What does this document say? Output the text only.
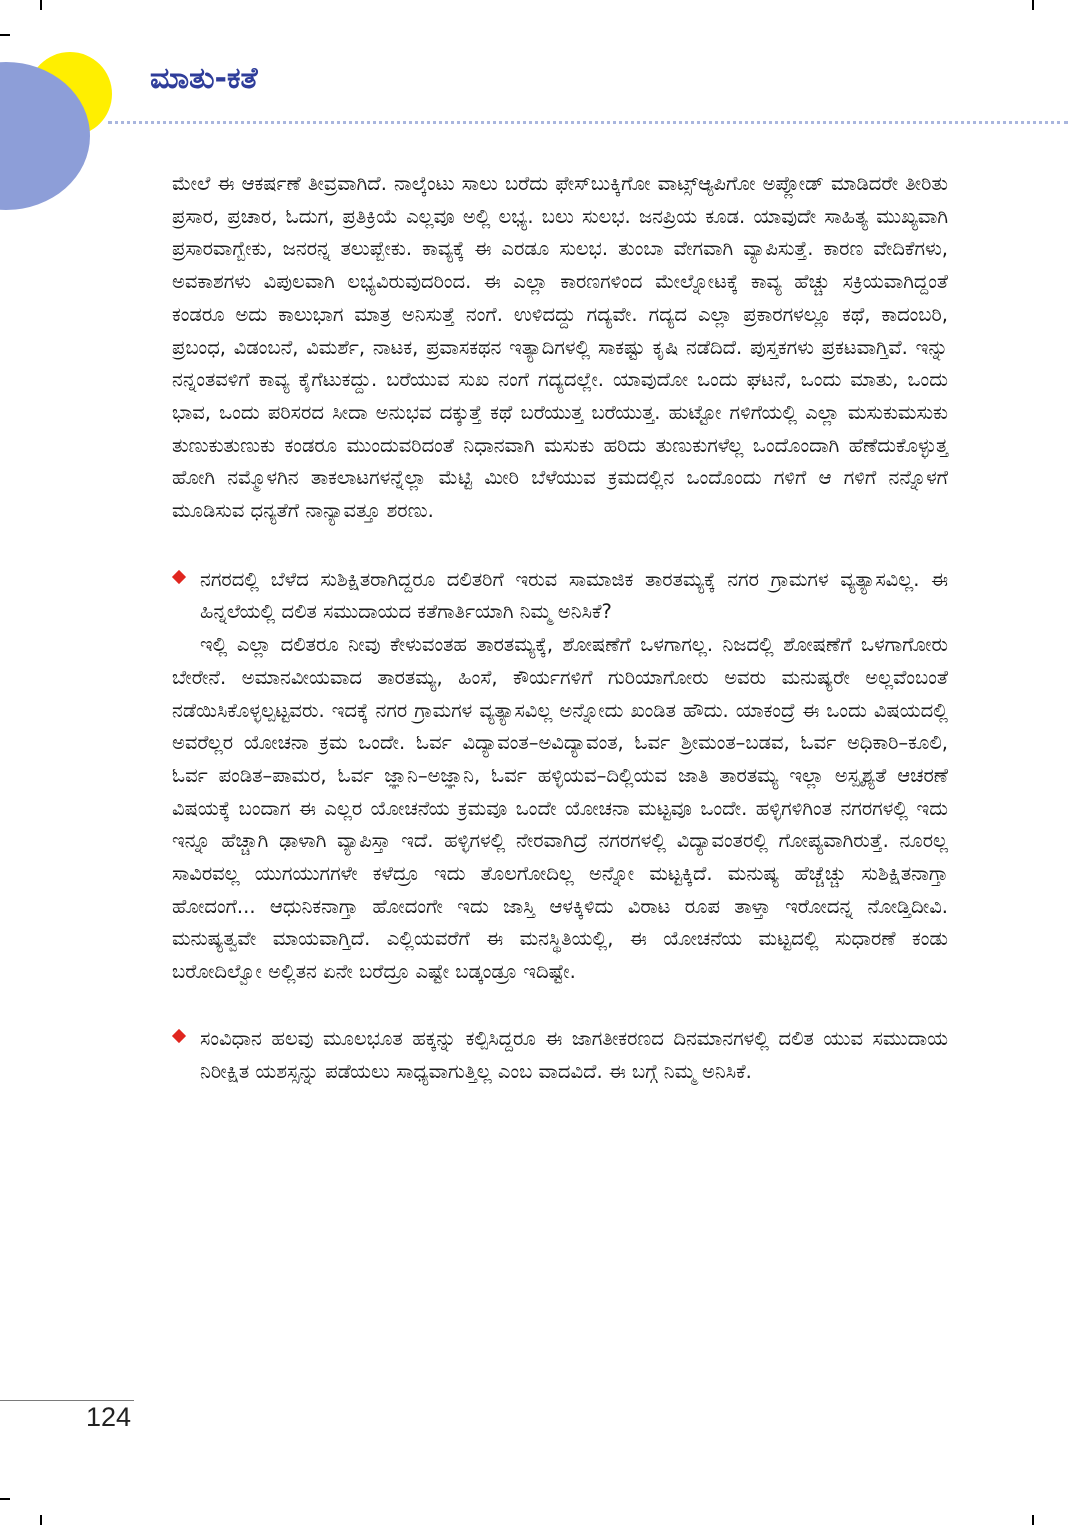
ಮಾತು-ಕತೆ

ಮೇಲೆ ಈ ಆಕರ್ಷಣೆ ತೀವ್ರವಾಗಿದೆ. ನಾಲ್ಕೆಂಟು ಸಾಲು ಬರೆದು ಫೇಸ್‌ಬುಕ್ಕಿಗೋ ವಾಟ್ಸ್‌ಆ್ಯಪಿಗೋ ಅಪ್ಲೋಡ್ ಮಾಡಿದರೇ ತೀರಿತು ಪ್ರಸಾರ, ಪ್ರಚಾರ, ಓದುಗ, ಪ್ರತಿಕ್ರಿಯೆ ಎಲ್ಲವೂ ಅಲ್ಲಿ ಲಭ್ಯ. ಬಲು ಸುಲಭ. ಜನಪ್ರಿಯ ಕೂಡ. ಯಾವುದೇ ಸಾಹಿತ್ಯ ಮುಖ್ಯವಾಗಿ ಪ್ರಸಾರವಾಗ್ಬೇಕು, ಜನರನ್ನ ತಲುಪ್ಬೇಕು. ಕಾವ್ಯಕ್ಕೆ ಈ ಎರಡೂ ಸುಲಭ. ತುಂಬಾ ವೇಗವಾಗಿ ವ್ಯಾಪಿಸುತ್ತೆ. ಕಾರಣ ವೇದಿಕೆಗಳು, ಅವಕಾಶಗಳು ವಿಪುಲವಾಗಿ ಲಭ್ಯವಿರುವುದರಿಂದ. ಈ ಎಲ್ಲಾ ಕಾರಣಗಳಿಂದ ಮೇಲ್ನೋಟಕ್ಕೆ ಕಾವ್ಯ ಹೆಚ್ಚು ಸಕ್ರಿಯವಾಗಿದ್ದಂತೆ ಕಂಡರೂ ಅದು ಕಾಲುಭಾಗ ಮಾತ್ರ ಅನಿಸುತ್ತೆ ನಂಗೆ. ಉಳಿದದ್ದು ಗದ್ಯವೇ. ಗದ್ಯದ ಎಲ್ಲಾ ಪ್ರಕಾರಗಳಲ್ಲೂ ಕಥೆ, ಕಾದಂಬರಿ, ಪ್ರಬಂಧ, ವಿಡಂಬನೆ, ವಿಮರ್ಶೆ, ನಾಟಕ, ಪ್ರವಾಸಕಥನ ಇತ್ಯಾದಿಗಳಲ್ಲಿ ಸಾಕಷ್ಟು ಕೃಷಿ ನಡೆದಿದೆ. ಪುಸ್ತಕಗಳು ಪ್ರಕಟವಾಗ್ತಿವೆ. ಇನ್ನು ನನ್ನಂತವಳಿಗೆ ಕಾವ್ಯ ಕೈಗೆಟುಕದ್ದು. ಬರೆಯುವ ಸುಖ ನಂಗೆ ಗದ್ಯದಲ್ಲೇ. ಯಾವುದೋ ಒಂದು ಘಟನೆ, ಒಂದು ಮಾತು, ಒಂದು ಭಾವ, ಒಂದು ಪರಿಸರದ ಸೀದಾ ಅನುಭವ ದಕ್ಕುತ್ತೆ ಕಥೆ ಬರೆಯುತ್ತ ಬರೆಯುತ್ತ. ಹುಟ್ಟೋ ಗಳಿಗೆಯಲ್ಲಿ ಎಲ್ಲಾ ಮಸುಕುಮಸುಕು ತುಣುಕುತುಣುಕು ಕಂಡರೂ ಮುಂದುವರಿದಂತೆ ನಿಧಾನವಾಗಿ ಮಸುಕು ಹರಿದು ತುಣುಕುಗಳೆಲ್ಲ ಒಂದೊಂದಾಗಿ ಹೆಣೆದುಕೊಳ್ಳುತ್ತ ಹೋಗಿ ನಮ್ಮೊಳಗಿನ ತಾಕಲಾಟಗಳನ್ನೆಲ್ಲಾ ಮೆಟ್ಟಿ ಮೀರಿ ಬೆಳೆಯುವ ಕ್ರಮದಲ್ಲಿನ ಒಂದೊಂದು ಗಳಿಗೆ ಆ ಗಳಿಗೆ ನನ್ನೊಳಗೆ ಮೂಡಿಸುವ ಧನ್ಯತೆಗೆ ನಾನ್ಯಾವತ್ತೂ ಶರಣು.

ನಗರದಲ್ಲಿ ಬೆಳೆದ ಸುಶಿಕ್ಷಿತರಾಗಿದ್ದರೂ ದಲಿತರಿಗೆ ಇರುವ ಸಾಮಾಜಿಕ ತಾರತಮ್ಯಕ್ಕೆ ನಗರ ಗ್ರಾಮಗಳ ವ್ಯತ್ಯಾಸವಿಲ್ಲ. ಈ ಹಿನ್ನಲೆಯಲ್ಲಿ ದಲಿತ ಸಮುದಾಯದ ಕತೆಗಾರ್ತಿಯಾಗಿ ನಿಮ್ಮ ಅನಿಸಿಕೆ?

ಇಲ್ಲಿ ಎಲ್ಲಾ ದಲಿತರೂ ನೀವು ಕೇಳುವಂತಹ ತಾರತಮ್ಯಕ್ಕೆ, ಶೋಷಣೆಗೆ ಒಳಗಾಗಲ್ಲ. ನಿಜದಲ್ಲಿ ಶೋಷಣೆಗೆ ಒಳಗಾಗೋರು ಬೇರೇನೆ. ಅಮಾನವೀಯವಾದ ತಾರತಮ್ಯ, ಹಿಂಸೆ, ಕೌರ್ಯಗಳಿಗೆ ಗುರಿಯಾಗೋರು ಅವರು ಮನುಷ್ಯರೇ ಅಲ್ಲವೆಂಬಂತೆ ನಡೆಯಿಸಿಕೊಳ್ಳಲ್ಪಟ್ಟವರು. ಇದಕ್ಕೆ ನಗರ ಗ್ರಾಮಗಳ ವ್ಯತ್ಯಾಸವಿಲ್ಲ ಅನ್ನೋದು ಖಂಡಿತ ಹೌದು. ಯಾಕಂದ್ರೆ ಈ ಒಂದು ವಿಷಯದಲ್ಲಿ ಅವರೆಲ್ಲರ ಯೋಚನಾ ಕ್ರಮ ಒಂದೇ. ಓರ್ವ ವಿದ್ಯಾವಂತ–ಅವಿದ್ಯಾವಂತ, ಓರ್ವ ಶ್ರೀಮಂತ–ಬಡವ, ಓರ್ವ ಅಧಿಕಾರಿ–ಕೂಲಿ, ಓರ್ವ ಪಂಡಿತ–ಪಾಮರ, ಓರ್ವ ಜ್ಞಾನಿ–ಅಜ್ಞಾನಿ, ಓರ್ವ ಹಳ್ಳಿಯವ–ದಿಲ್ಲಿಯವ ಜಾತಿ ತಾರತಮ್ಯ ಇಲ್ಲಾ ಅಸ್ಪೃಶ್ಯತೆ ಆಚರಣೆ ವಿಷಯಕ್ಕೆ ಬಂದಾಗ ಈ ಎಲ್ಲರ ಯೋಚನೆಯ ಕ್ರಮವೂ ಒಂದೇ ಯೋಚನಾ ಮಟ್ಟವೂ ಒಂದೇ. ಹಳ್ಳಿಗಳಿಗಿಂತ ನಗರಗಳಲ್ಲಿ ಇದು ಇನ್ನೂ ಹೆಚ್ಚಾಗಿ ಢಾಳಾಗಿ ವ್ಯಾಪಿಸ್ತಾ ಇದೆ. ಹಳ್ಳಿಗಳಲ್ಲಿ ನೇರವಾಗಿದ್ರೆ ನಗರಗಳಲ್ಲಿ ವಿದ್ಯಾವಂತರಲ್ಲಿ ಗೋಪ್ಯವಾಗಿರುತ್ತೆ. ನೂರಲ್ಲ ಸಾವಿರವಲ್ಲ ಯುಗಯುಗಗಳೇ ಕಳೆದ್ರೂ ಇದು ತೊಲಗೋದಿಲ್ಲ ಅನ್ನೋ ಮಟ್ಟಕ್ಕಿದೆ. ಮನುಷ್ಯ ಹೆಚ್ಚೆಚ್ಚು ಸುಶಿಕ್ಷಿತನಾಗ್ತಾ ಹೋದಂಗೆ... ಆಧುನಿಕನಾಗ್ತಾ ಹೋದಂಗೇ ಇದು ಜಾಸ್ತಿ ಆಳಕ್ಕಿಳಿದು ವಿರಾಟ ರೂಪ ತಾಳ್ತಾ ಇರೋದನ್ನ ನೋಡ್ತಿದೀವಿ. ಮನುಷ್ಯತ್ವವೇ ಮಾಯವಾಗ್ತಿದೆ. ಎಲ್ಲಿಯವರೆಗೆ ಈ ಮನಸ್ಥಿತಿಯಲ್ಲಿ, ಈ ಯೋಚನೆಯ ಮಟ್ಟದಲ್ಲಿ ಸುಧಾರಣೆ ಕಂಡು ಬರೋದಿಲ್ವೋ ಅಲ್ಲಿತನ ಏನೇ ಬರೆದ್ರೂ ಎಷ್ಟೇ ಬಡ್ಕಂಡ್ರೂ ಇದಿಷ್ಟೇ.

ಸಂವಿಧಾನ ಹಲವು ಮೂಲಭೂತ ಹಕ್ಕನ್ನು ಕಲ್ಪಿಸಿದ್ದರೂ ಈ ಜಾಗತೀಕರಣದ ದಿನಮಾನಗಳಲ್ಲಿ ದಲಿತ ಯುವ ಸಮುದಾಯ ನಿರೀಕ್ಷಿತ ಯಶಸ್ಸನ್ನು ಪಡೆಯಲು ಸಾಧ್ಯವಾಗುತ್ತಿಲ್ಲ ಎಂಬ ವಾದವಿದೆ. ಈ ಬಗ್ಗೆ ನಿಮ್ಮ ಅನಿಸಿಕೆ.

124
